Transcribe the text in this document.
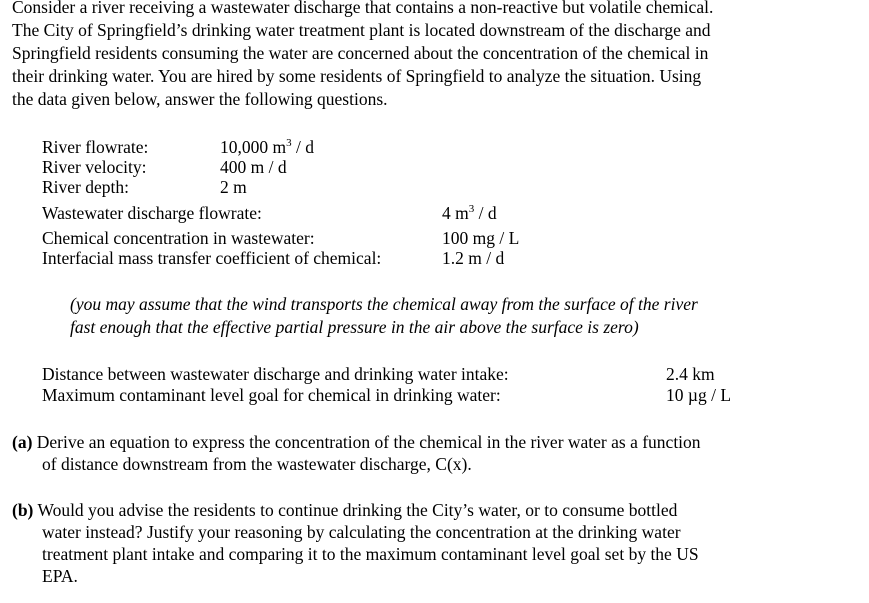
Consider a river receiving a wastewater discharge that contains a non-reactive but volatile chemical.
The City of Springfield’s drinking water treatment plant is located downstream of the discharge and
Springfield residents consuming the water are concerned about the concentration of the chemical in
their drinking water. You are hired by some residents of Springfield to analyze the situation. Using
the data given below, answer the following questions.
River flowrate:	10,000 $m^3$ / d
River velocity:	400 m / d
River depth:	2 m
Wastewater discharge flowrate:	4 $m^3$ / d
Chemical concentration in wastewater:	100 mg / L
Interfacial mass transfer coefficient of chemical:	1.2 m / d
(you may assume that the wind transports the chemical away from the surface of the river
fast enough that the effective partial pressure in the air above the surface is zero)
Distance between wastewater discharge and drinking water intake:	2.4 km
Maximum contaminant level goal for chemical in drinking water:	10 µg / L
(a) Derive an equation to express the concentration of the chemical in the river water as a function
of distance downstream from the wastewater discharge, C(x).
(b) Would you advise the residents to continue drinking the City’s water, or to consume bottled
water instead? Justify your reasoning by calculating the concentration at the drinking water
treatment plant intake and comparing it to the maximum contaminant level goal set by the US
EPA.
